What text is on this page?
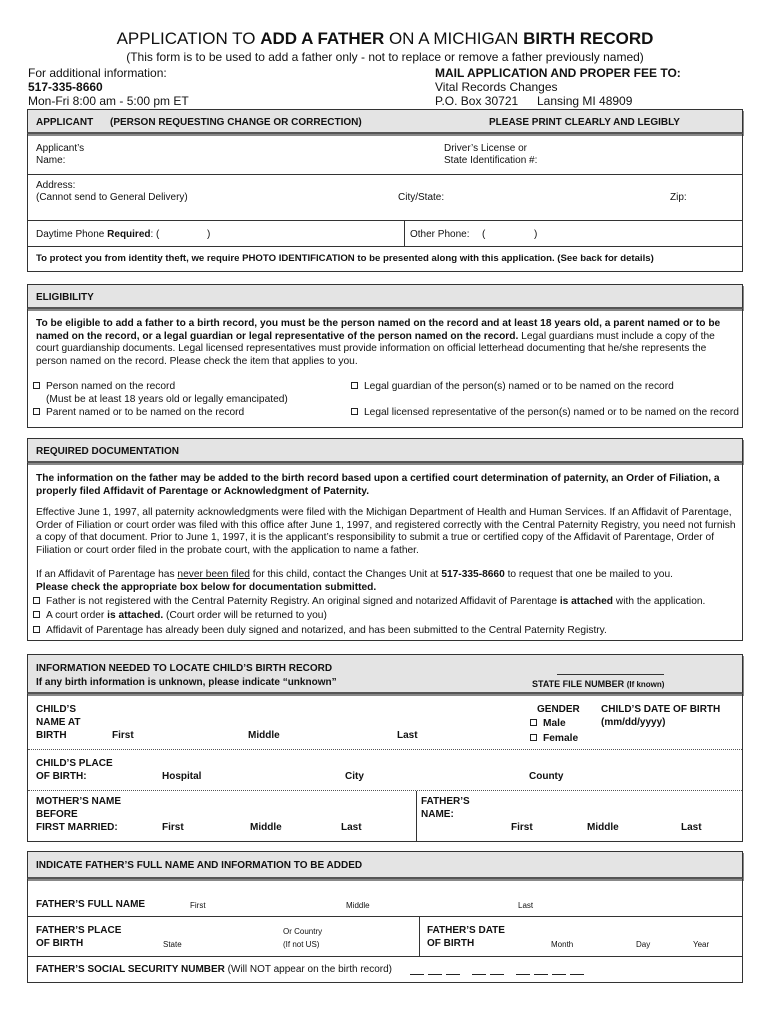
APPLICATION TO ADD A FATHER ON A MICHIGAN BIRTH RECORD
(This form is to be used to add a father only - not to replace or remove a father previously named)
For additional information:
517-335-8660
Mon-Fri 8:00 am - 5:00 pm ET
MAIL APPLICATION AND PROPER FEE TO:
Vital Records Changes
P.O. Box 30721 Lansing MI 48909
APPLICANT (PERSON REQUESTING CHANGE OR CORRECTION)	PLEASE PRINT CLEARLY AND LEGIBLY
Applicant’s
Name:
Driver’s License or
State Identification #:
Address:
(Cannot send to General Delivery)	City/State:	Zip:
Daytime Phone Required: (	)	Other Phone: (	)
To protect you from identity theft, we require PHOTO IDENTIFICATION to be presented along with this application. (See back for details)
ELIGIBILITY
To be eligible to add a father to a birth record, you must be the person named on the record and at least 18 years old, a parent named or to be named on the record, or a legal guardian or legal representative of the person named on the record. Legal guardians must include a copy of the court guardianship documents. Legal licensed representatives must provide information on official letterhead documenting that he/she represents the person named on the record. Please check the item that applies to you.
Person named on the record
(Must be at least 18 years old or legally emancipated)
Parent named or to be named on the record
Legal guardian of the person(s) named or to be named on the record
Legal licensed representative of the person(s) named or to be named on the record
REQUIRED DOCUMENTATION
The information on the father may be added to the birth record based upon a certified court determination of paternity, an Order of Filiation, a properly filed Affidavit of Parentage or Acknowledgment of Paternity.
Effective June 1, 1997, all paternity acknowledgments were filed with the Michigan Department of Health and Human Services. If an Affidavit of Parentage, Order of Filiation or court order was filed with this office after June 1, 1997, and registered correctly with the Central Paternity Registry, you need not furnish a copy of that document. Prior to June 1, 1997, it is the applicant’s responsibility to submit a true or certified copy of the Affidavit of Parentage, Order of Filiation or court order filed in the probate court, with the application to name a father.
If an Affidavit of Parentage has never been filed for this child, contact the Changes Unit at 517-335-8660 to request that one be mailed to you.
Please check the appropriate box below for documentation submitted.
Father is not registered with the Central Paternity Registry. An original signed and notarized Affidavit of Parentage is attached with the application.
A court order is attached. (Court order will be returned to you)
Affidavit of Parentage has already been duly signed and notarized, and has been submitted to the Central Paternity Registry.
INFORMATION NEEDED TO LOCATE CHILD’S BIRTH RECORD
If any birth information is unknown, please indicate “unknown”	STATE FILE NUMBER (If known)
CHILD’S
NAME AT
BIRTH	First	Middle	Last
GENDER
Male
Female
CHILD’S DATE OF BIRTH
(mm/dd/yyyy)
CHILD’S PLACE
OF BIRTH:	Hospital	City	County
MOTHER’S NAME
BEFORE
FIRST MARRIED:	First	Middle	Last
FATHER’S
NAME:
First	Middle	Last
INDICATE FATHER’S FULL NAME AND INFORMATION TO BE ADDED
FATHER’S FULL NAME	First	Middle	Last
FATHER’S PLACE
OF BIRTH	State
Or Country
(If not US)
FATHER’S DATE
OF BIRTH	Month	Day	Year
FATHER’S SOCIAL SECURITY NUMBER (Will NOT appear on the birth record)
